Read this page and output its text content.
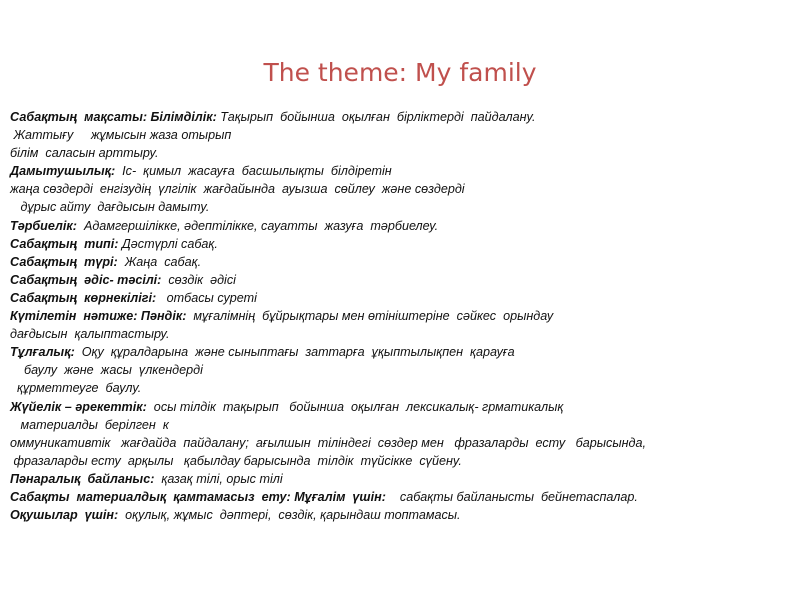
The theme: My family
Сабақтың  мақсаты: Білімділік: Тақырып  бойынша  оқылған  бірліктерді  пайдалану.
Жаттығу     жұмысын жаза отырып
білім  саласын арттыру.
Дамытушылық:  Іс-  қимыл  жасауға  басшылықты  білдіретін
жаңа сөздерді  енгізудің  үлгілік  жағдайында  ауызша  сөйлеу  және сөздерді
дұрыс айту  дағдысын дамыту.
Тәрбиелік:  Адамгершілікке, әдептілікке, сауатты  жазуға  тәрбиелеу.
Сабақтың  типі: Дәстүрлі сабақ.
Сабақтың  түрі:  Жаңа  сабақ.
Сабақтың  әдіс- тәсілі:  сөздік  әдісі
Сабақтың  көрнекілігі:   отбасы суреті
Күтілетін  нәтиже: Пәндік:  мұғалімнің  бұйрықтары мен өтініштеріне  сәйкес  орындау
дағдысын  қалыптастыру.
Тұлғалық:  Оқу  құралдарына  және сыныптағы  заттарға  ұқыптылықпен  қарауға
баулу  және  жасы  үлкендерді
құрметтеуге  баулу.
Жүйелік – әрекеттік:  осы тілдік  тақырып   бойынша  оқылған  лексикалық- грматикалық
материалды  берілген  к
оммуникативтік   жағдайда  пайдалану;  ағылшын  тіліндегі  сөздер мен   фразаларды  есту   барысында,
фразаларды есту  арқылы   қабылдау барысында  тілдік  түйсікке  сүйену.
Пәнаралық  байланыс:  қазақ тілі, орыс тілі
Сабақты  материалдық  қамтамасыз  ету: Мұғалім  үшін:    сабақты байланысты  бейнетаспалар.
Оқушылар  үшін:  оқулық, жұмыс  дәптері,  сөздік, қарындаш топтамасы.
